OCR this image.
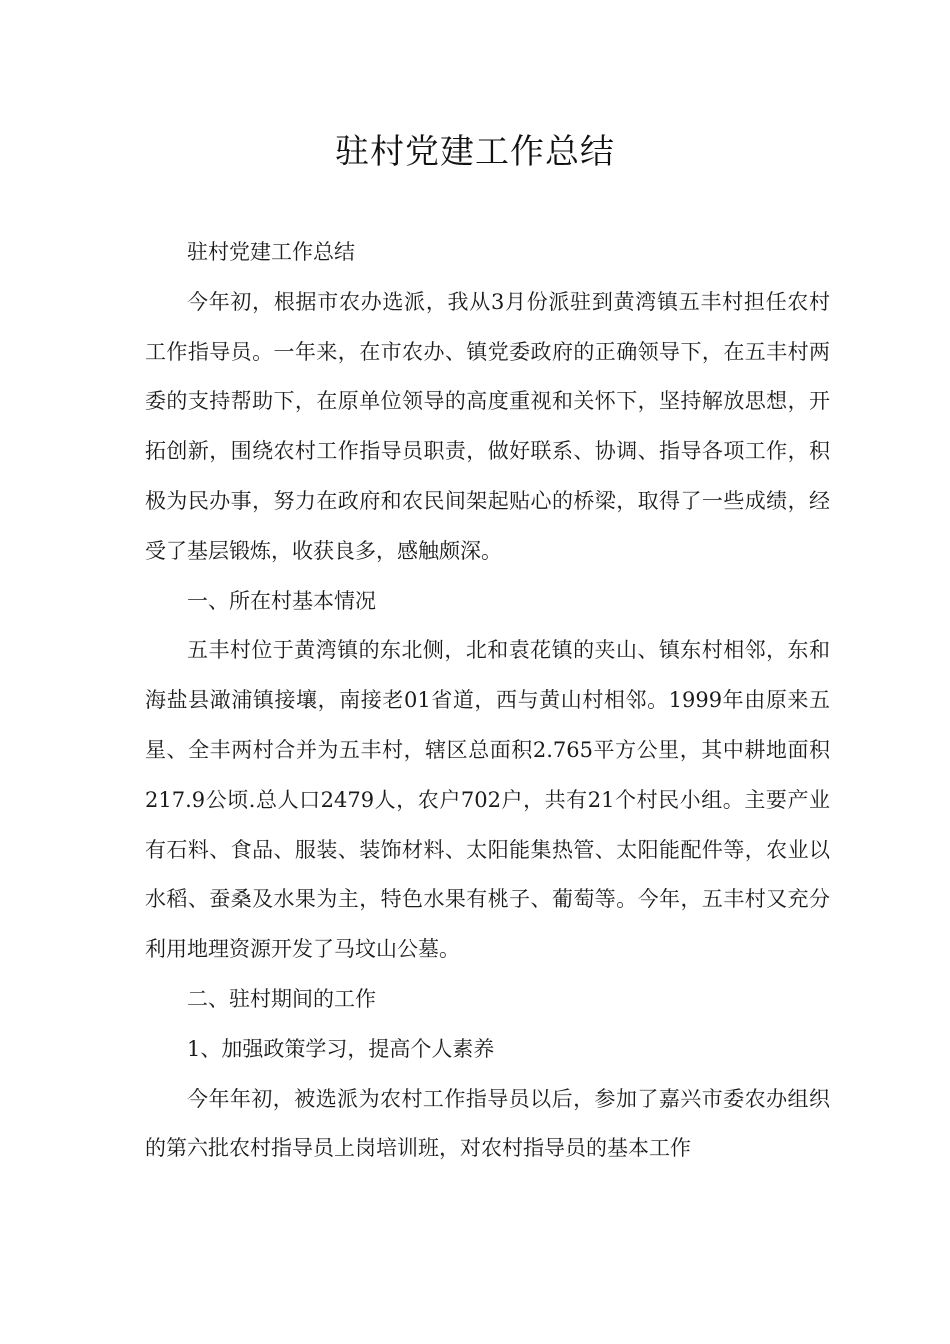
驻村党建工作总结

驻村党建工作总结

今年初，根据市农办选派，我从3月份派驻到黄湾镇五丰村担任农村工作指导员。一年来，在市农办、镇党委政府的正确领导下，在五丰村两委的支持帮助下，在原单位领导的高度重视和关怀下，坚持解放思想，开拓创新，围绕农村工作指导员职责，做好联系、协调、指导各项工作，积极为民办事，努力在政府和农民间架起贴心的桥梁，取得了一些成绩，经受了基层锻炼，收获良多，感触颇深。

一、所在村基本情况

五丰村位于黄湾镇的东北侧，北和袁花镇的夹山、镇东村相邻，东和海盐县澉浦镇接壤，南接老01省道，西与黄山村相邻。1999年由原来五星、全丰两村合并为五丰村，辖区总面积2.765平方公里，其中耕地面积217.9公顷.总人口2479人，农户702户，共有21个村民小组。主要产业有石料、食品、服装、装饰材料、太阳能集热管、太阳能配件等，农业以水稻、蚕桑及水果为主，特色水果有桃子、葡萄等。今年，五丰村又充分利用地理资源开发了马坟山公墓。

二、驻村期间的工作

1、加强政策学习，提高个人素养

今年年初，被选派为农村工作指导员以后，参加了嘉兴市委农办组织的第六批农村指导员上岗培训班，对农村指导员的基本工作
